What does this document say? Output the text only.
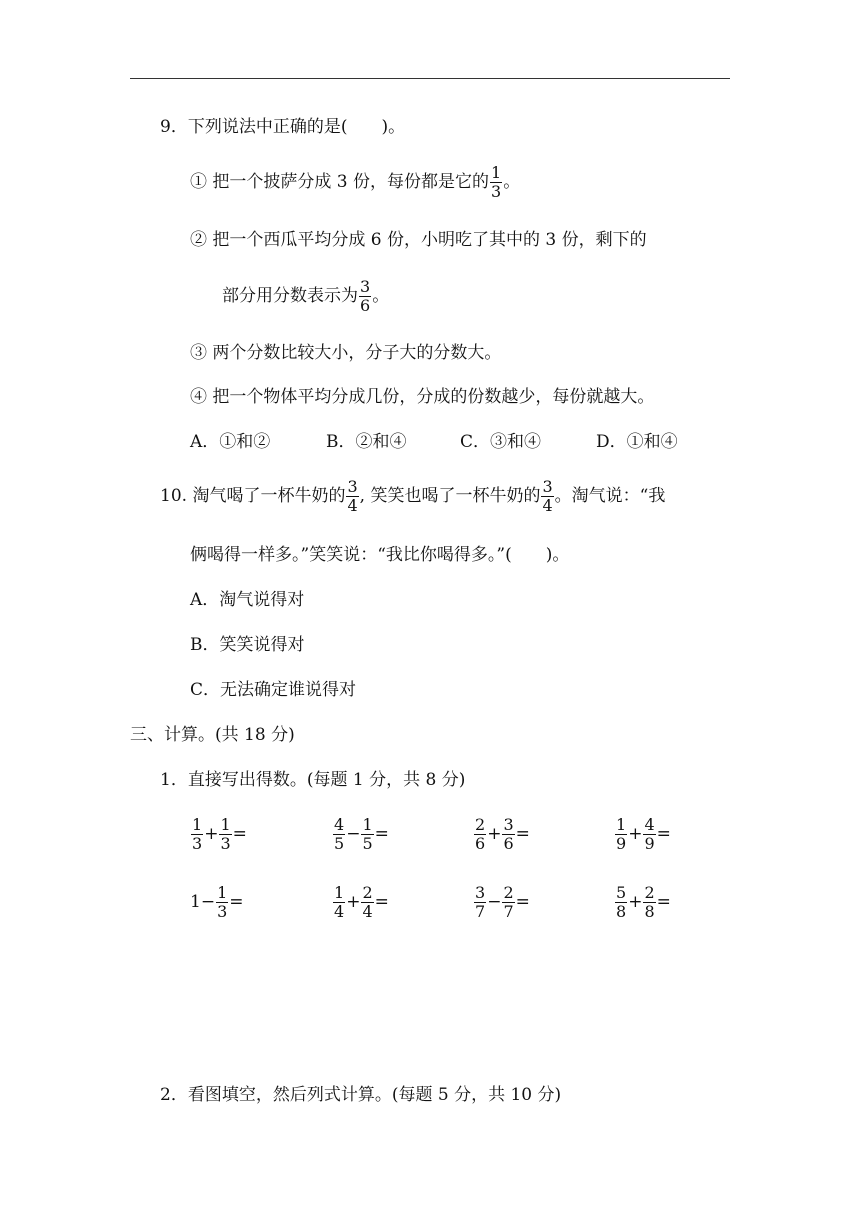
9．下列说法中正确的是(　　)。
① 把一个披萨分成 3 份，每份都是它的 $\frac{1}{3}$ 。
② 把一个西瓜平均分成 6 份，小明吃了其中的 3 份，剩下的
部分用分数表示为 $\frac{3}{6}$ 。
③ 两个分数比较大小，分子大的分数大。
④ 把一个物体平均分成几份，分成的份数越少，每份就越大。
A．①和②	B．②和④	C．③和④	D．①和④
10. 淘气喝了一杯牛奶的 $\frac{3}{4}$ , 笑笑也喝了一杯牛奶的 $\frac{3}{4}$ 。淘气说：“我
俩喝得一样多。”笑笑说：“我比你喝得多。”(　　)。
A．淘气说得对
B．笑笑说得对
C．无法确定谁说得对
三、计算。(共 18 分)
1．直接写出得数。(每题 1 分，共 8 分)
$\frac{1}{3} + \frac{1}{3}$ =	$\frac{4}{5} - \frac{1}{5}$ =	$\frac{2}{6} + \frac{3}{6}$ =	$\frac{1}{9} + \frac{4}{9}$ =
$1- \frac{1}{3}$ =	$\frac{1}{4} + \frac{2}{4}$ =	$\frac{3}{7} - \frac{2}{7}$ =	$\frac{5}{8} + \frac{2}{8}$ =
2．看图填空，然后列式计算。(每题 5 分，共 10 分)
